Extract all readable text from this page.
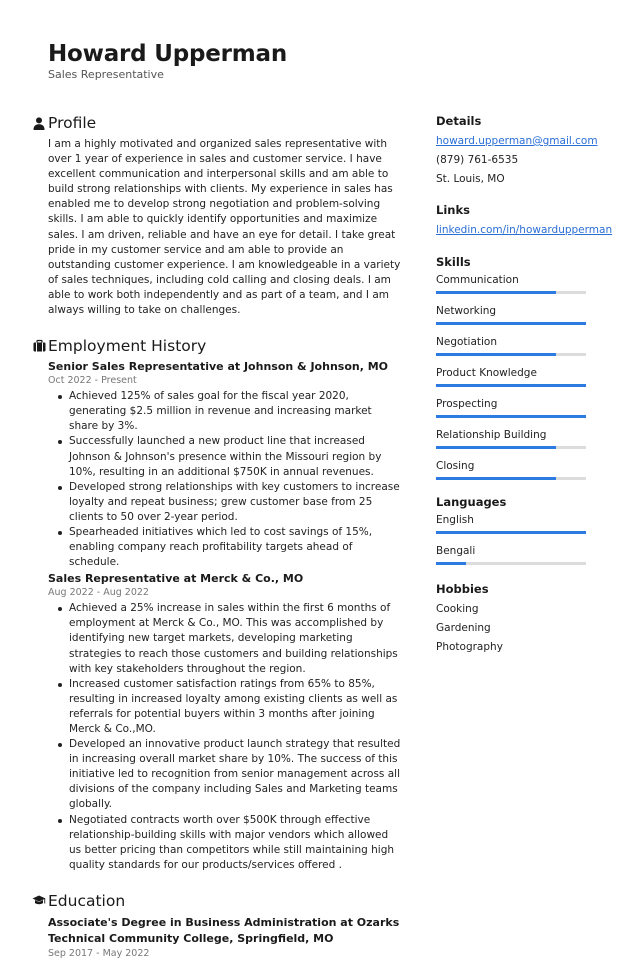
Howard Upperman
Sales Representative
Profile
I am a highly motivated and organized sales representative with over 1 year of experience in sales and customer service. I have excellent communication and interpersonal skills and am able to build strong relationships with clients. My experience in sales has enabled me to develop strong negotiation and problem-solving skills. I am able to quickly identify opportunities and maximize sales. I am driven, reliable and have an eye for detail. I take great pride in my customer service and am able to provide an outstanding customer experience. I am knowledgeable in a variety of sales techniques, including cold calling and closing deals. I am able to work both independently and as part of a team, and I am always willing to take on challenges.
Employment History
Senior Sales Representative at Johnson & Johnson, MO
Oct 2022 - Present
Achieved 125% of sales goal for the fiscal year 2020, generating $2.5 million in revenue and increasing market share by 3%.
Successfully launched a new product line that increased Johnson & Johnson's presence within the Missouri region by 10%, resulting in an additional $750K in annual revenues.
Developed strong relationships with key customers to increase loyalty and repeat business; grew customer base from 25 clients to 50 over 2-year period.
Spearheaded initiatives which led to cost savings of 15%, enabling company reach profitability targets ahead of schedule.
Sales Representative at Merck & Co., MO
Aug 2022 - Aug 2022
Achieved a 25% increase in sales within the first 6 months of employment at Merck & Co., MO. This was accomplished by identifying new target markets, developing marketing strategies to reach those customers and building relationships with key stakeholders throughout the region.
Increased customer satisfaction ratings from 65% to 85%, resulting in increased loyalty among existing clients as well as referrals for potential buyers within 3 months after joining Merck & Co.,MO.
Developed an innovative product launch strategy that resulted in increasing overall market share by 10%. The success of this initiative led to recognition from senior management across all divisions of the company including Sales and Marketing teams globally.
Negotiated contracts worth over $500K through effective relationship-building skills with major vendors which allowed us better pricing than competitors while still maintaining high quality standards for our products/services offered .
Education
Associate's Degree in Business Administration at Ozarks Technical Community College, Springfield, MO
Sep 2017 - May 2022
Details
howard.upperman@gmail.com
(879) 761-6535
St. Louis, MO
Links
linkedin.com/in/howardupperman
Skills
Communication
Networking
Negotiation
Product Knowledge
Prospecting
Relationship Building
Closing
Languages
English
Bengali
Hobbies
Cooking
Gardening
Photography
